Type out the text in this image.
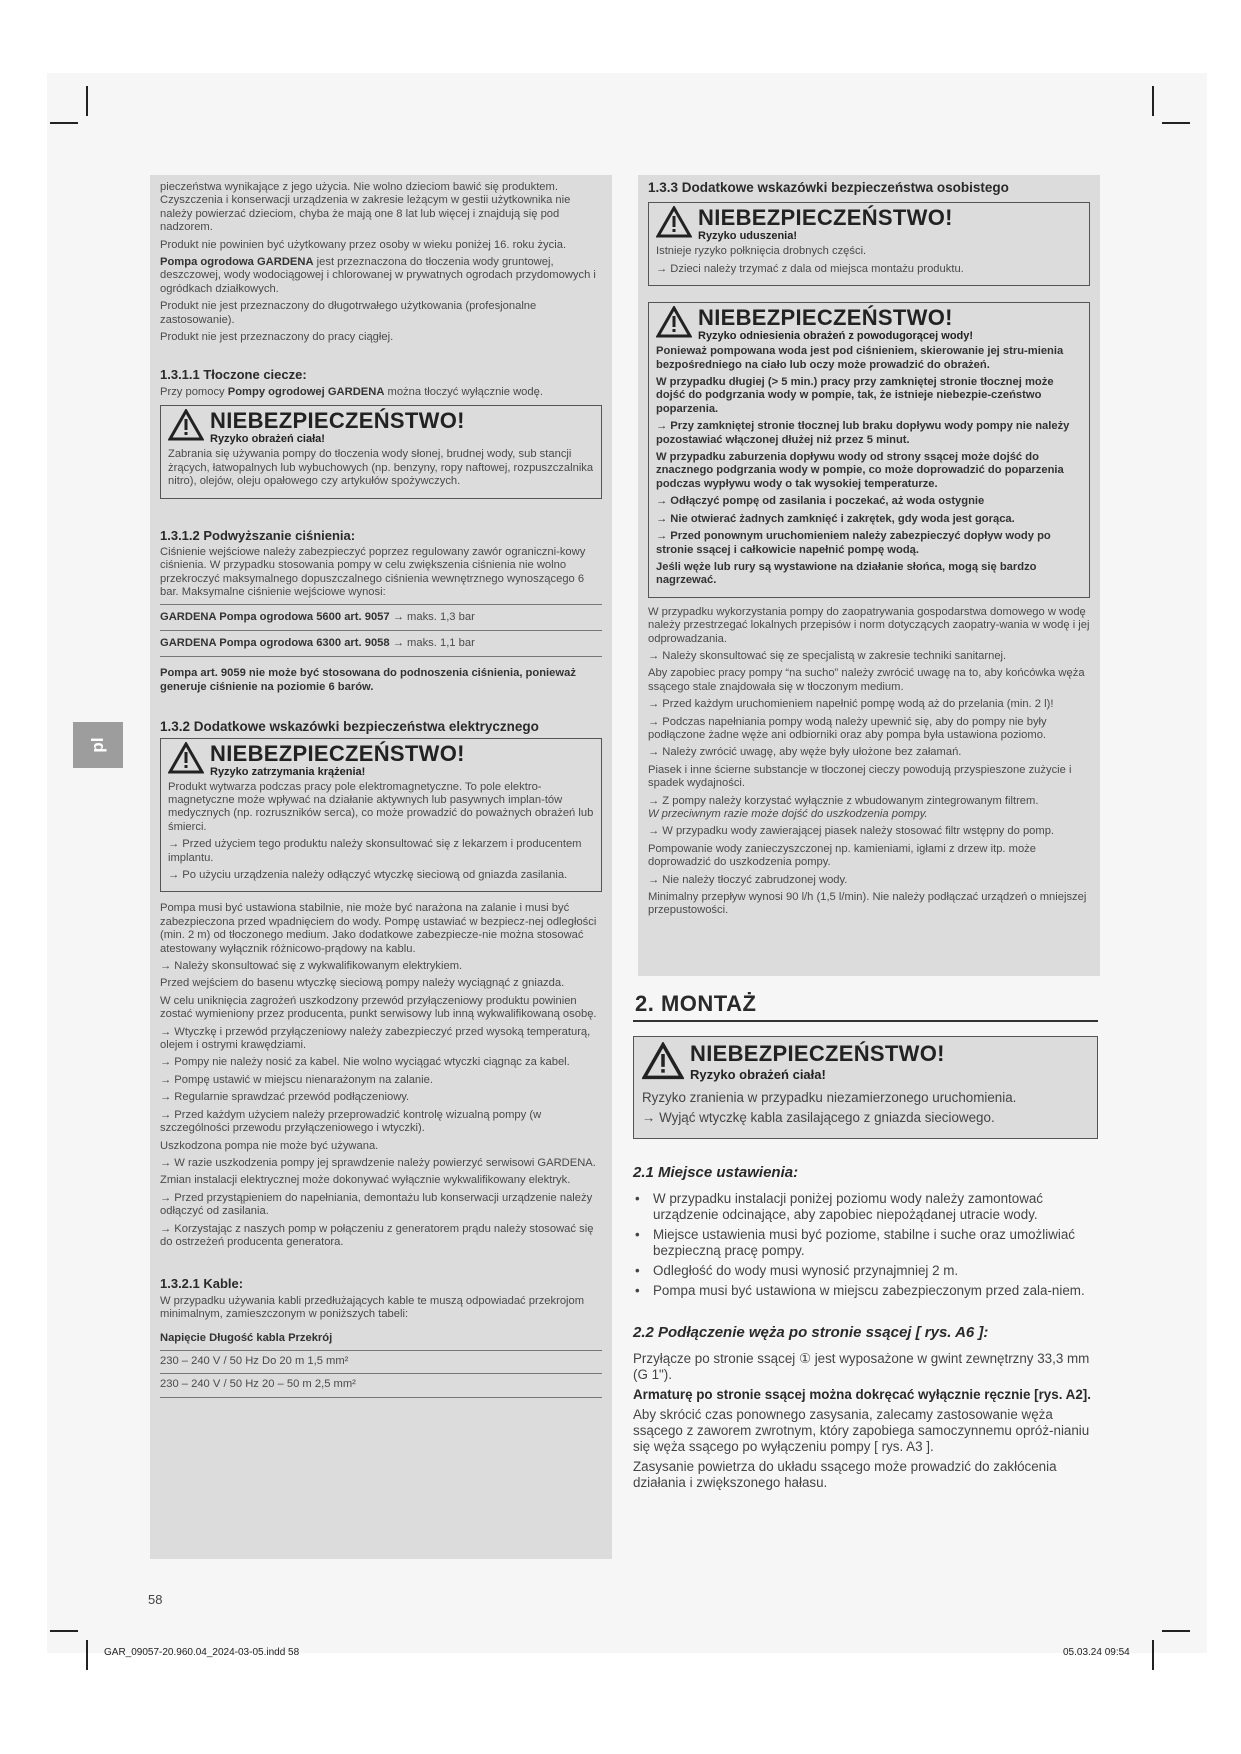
pl

pieczeństwa wynikające z jego użycia. Nie wolno dzieciom bawić się produktem. Czyszczenia i konserwacji urządzenia w zakresie leżącym w gestii użytkownika nie należy powierzać dzieciom, chyba że mają one 8 lat lub więcej i znajdują się pod nadzorem.

Produkt nie powinien być użytkowany przez osoby w wieku poniżej 16. roku życia.

Pompa ogrodowa GARDENA jest przeznaczona do tłoczenia wody gruntowej, deszczowej, wody wodociągowej i chlorowanej w prywatnych ogrodach przydomowych i ogródkach działkowych.

Produkt nie jest przeznaczony do długotrwałego użytkowania (profesjonalne zastosowanie).

Produkt nie jest przeznaczony do pracy ciągłej.

1.3.1.1 Tłoczone ciecze:

Przy pomocy Pompy ogrodowej GARDENA można tłoczyć wyłącznie wodę.

NIEBEZPIECZEŃSTWO!
Ryzyko obrażeń ciała!

Zabrania się używania pompy do tłoczenia wody słonej, brudnej wody, sub stancji żrących, łatwopalnych lub wybuchowych (np. benzyny, ropy naftowej, rozpuszczalnika nitro), olejów, oleju opałowego czy artykułów spożywczych.

1.3.1.2 Podwyższanie ciśnienia:

Ciśnienie wejściowe należy zabezpieczyć poprzez regulowany zawór ograniczni-kowy ciśnienia. W przypadku stosowania pompy w celu zwiększenia ciśnienia nie wolno przekroczyć maksymalnego dopuszczalnego ciśnienia wewnętrznego wynoszącego 6 bar. Maksymalne ciśnienie wejściowe wynosi:

GARDENA Pompa ogrodowa 5600 art. 9057 → maks. 1,3 bar

GARDENA Pompa ogrodowa 6300 art. 9058 → maks. 1,1 bar

Pompa art. 9059 nie może być stosowana do podnoszenia ciśnienia, ponieważ generuje ciśnienie na poziomie 6 barów.

1.3.2 Dodatkowe wskazówki bezpieczeństwa elektrycznego
NIEBEZPIECZEŃSTWO!
Ryzyko zatrzymania krążenia!

Produkt wytwarza podczas pracy pole elektromagnetyczne. To pole elektro-magnetyczne może wpływać na działanie aktywnych lub pasywnych implan-tów medycznych (np. rozruszników serca), co może prowadzić do poważnych obrażeń lub śmierci.

→ Przed użyciem tego produktu należy skonsultować się z lekarzem i producentem implantu.

→ Po użyciu urządzenia należy odłączyć wtyczkę sieciową od gniazda zasilania.

Pompa musi być ustawiona stabilnie, nie może być narażona na zalanie i musi być zabezpieczona przed wpadnięciem do wody. Pompę ustawiać w bezpiecz-nej odległości (min. 2 m) od tłoczonego medium. Jako dodatkowe zabezpiecze-nie można stosować atestowany wyłącznik różnicowo-prądowy na kablu.

→ Należy skonsultować się z wykwalifikowanym elektrykiem.

Przed wejściem do basenu wtyczkę sieciową pompy należy wyciągnąć z gniazda.

W celu uniknięcia zagrożeń uszkodzony przewód przyłączeniowy produktu powinien zostać wymieniony przez producenta, punkt serwisowy lub inną wykwalifikowaną osobę.

→ Wtyczkę i przewód przyłączeniowy należy zabezpieczyć przed wysoką temperaturą, olejem i ostrymi krawędziami.

→ Pompy nie należy nosić za kabel. Nie wolno wyciągać wtyczki ciągnąc za kabel.

→ Pompę ustawić w miejscu nienarażonym na zalanie.

→ Regularnie sprawdzać przewód podłączeniowy.

→ Przed każdym użyciem należy przeprowadzić kontrolę wizualną pompy (w szczególności przewodu przyłączeniowego i wtyczki).

Uszkodzona pompa nie może być używana.

→ W razie uszkodzenia pompy jej sprawdzenie należy powierzyć serwisowi GARDENA.

Zmian instalacji elektrycznej może dokonywać wyłącznie wykwalifikowany elektryk.

→ Przed przystąpieniem do napełniania, demontażu lub konserwacji urządzenie należy odłączyć od zasilania.

→ Korzystając z naszych pomp w połączeniu z generatorem prądu należy stosować się do ostrzeżeń producenta generatora.

1.3.2.1 Kable:

W przypadku używania kabli przedłużających kable te muszą odpowiadać przekrojom minimalnym, zamieszczonym w poniższych tabeli:

Napięcie Długość kabla Przekrój

230 – 240 V / 50 Hz Do 20 m 1,5 mm²

230 – 240 V / 50 Hz 20 – 50 m 2,5 mm²

1.3.3 Dodatkowe wskazówki bezpieczeństwa osobistego
NIEBEZPIECZEŃSTWO!
Ryzyko uduszenia!

Istnieje ryzyko połknięcia drobnych części.

→ Dzieci należy trzymać z dala od miejsca montażu produktu.

NIEBEZPIECZEŃSTWO!
Ryzyko odniesienia obrażeń z powodugorącej wody!

Ponieważ pompowana woda jest pod ciśnieniem, skierowanie jej stru-mienia bezpośredniego na ciało lub oczy może prowadzić do obrażeń.

W przypadku długiej (> 5 min.) pracy przy zamkniętej stronie tłocznej może dojść do podgrzania wody w pompie, tak, że istnieje niebezpie-czeństwo poparzenia.

→ Przy zamkniętej stronie tłocznej lub braku dopływu wody pompy nie należy pozostawiać włączonej dłużej niż przez 5 minut.

W przypadku zaburzenia dopływu wody od strony ssącej może dojść do znacznego podgrzania wody w pompie, co może doprowadzić do poparzenia podczas wypływu wody o tak wysokiej temperaturze.

→ Odłączyć pompę od zasilania i poczekać, aż woda ostygnie

→ Nie otwierać żadnych zamknięć i zakrętek, gdy woda jest gorąca.

→ Przed ponownym uruchomieniem należy zabezpieczyć dopływ wody po stronie ssącej i całkowicie napełnić pompę wodą.

Jeśli węże lub rury są wystawione na działanie słońca, mogą się bardzo nagrzewać.

W przypadku wykorzystania pompy do zaopatrywania gospodarstwa domowego w wodę należy przestrzegać lokalnych przepisów i norm dotyczących zaopatry-wania w wodę i jej odprowadzania.

→ Należy skonsultować się ze specjalistą w zakresie techniki sanitarnej.

Aby zapobiec pracy pompy “na sucho” należy zwrócić uwagę na to, aby końcówka węża ssącego stale znajdowała się w tłoczonym medium.

→ Przed każdym uruchomieniem napełnić pompę wodą aż do przelania (min. 2 l)!

→ Podczas napełniania pompy wodą należy upewnić się, aby do pompy nie były podłączone żadne węże ani odbiorniki oraz aby pompa była ustawiona poziomo.

→ Należy zwrócić uwagę, aby węże były ułożone bez załamań.

Piasek i inne ścierne substancje w tłoczonej cieczy powodują przyspieszone zużycie i spadek wydajności.

→ Z pompy należy korzystać wyłącznie z wbudowanym zintegrowanym filtrem.

W przeciwnym razie może dojść do uszkodzenia pompy.

→ W przypadku wody zawierającej piasek należy stosować filtr wstępny do pomp.

Pompowanie wody zanieczyszczonej np. kamieniami, igłami z drzew itp. może doprowadzić do uszkodzenia pompy.

→ Nie należy tłoczyć zabrudzonej wody.

Minimalny przepływ wynosi 90 l/h (1,5 l/min). Nie należy podłączać urządzeń o mniejszej przepustowości.

2. MONTAŻ
NIEBEZPIECZEŃSTWO!
Ryzyko obrażeń ciała!

Ryzyko zranienia w przypadku niezamierzonego uruchomienia.

→ Wyjąć wtyczkę kabla zasilającego z gniazda sieciowego.

2.1 Miejsce ustawienia:
• W przypadku instalacji poniżej poziomu wody należy zamontować urządzenie odcinające, aby zapobiec niepożądanej utracie wody.
• Miejsce ustawienia musi być poziome, stabilne i suche oraz umożliwiać bezpieczną pracę pompy.
• Odległość do wody musi wynosić przynajmniej 2 m.
• Pompa musi być ustawiona w miejscu zabezpieczonym przed zala-niem.
2.2 Podłączenie węża po stronie ssącej [ rys. A6 ]:

Przyłącze po stronie ssącej ① jest wyposażone w gwint zewnętrzny 33,3 mm (G 1").

Armaturę po stronie ssącej można dokręcać wyłącznie ręcznie [rys. A2].

Aby skrócić czas ponownego zasysania, zalecamy zastosowanie węża ssącego z zaworem zwrotnym, który zapobiega samoczynnemu opróż-nianiu się węża ssącego po wyłączeniu pompy [ rys. A3 ].

Zasysanie powietrza do układu ssącego może prowadzić do zakłócenia działania i zwiększonego hałasu.

58
GAR_09057-20.960.04_2024-03-05.indd 58	05.03.24 09:54
